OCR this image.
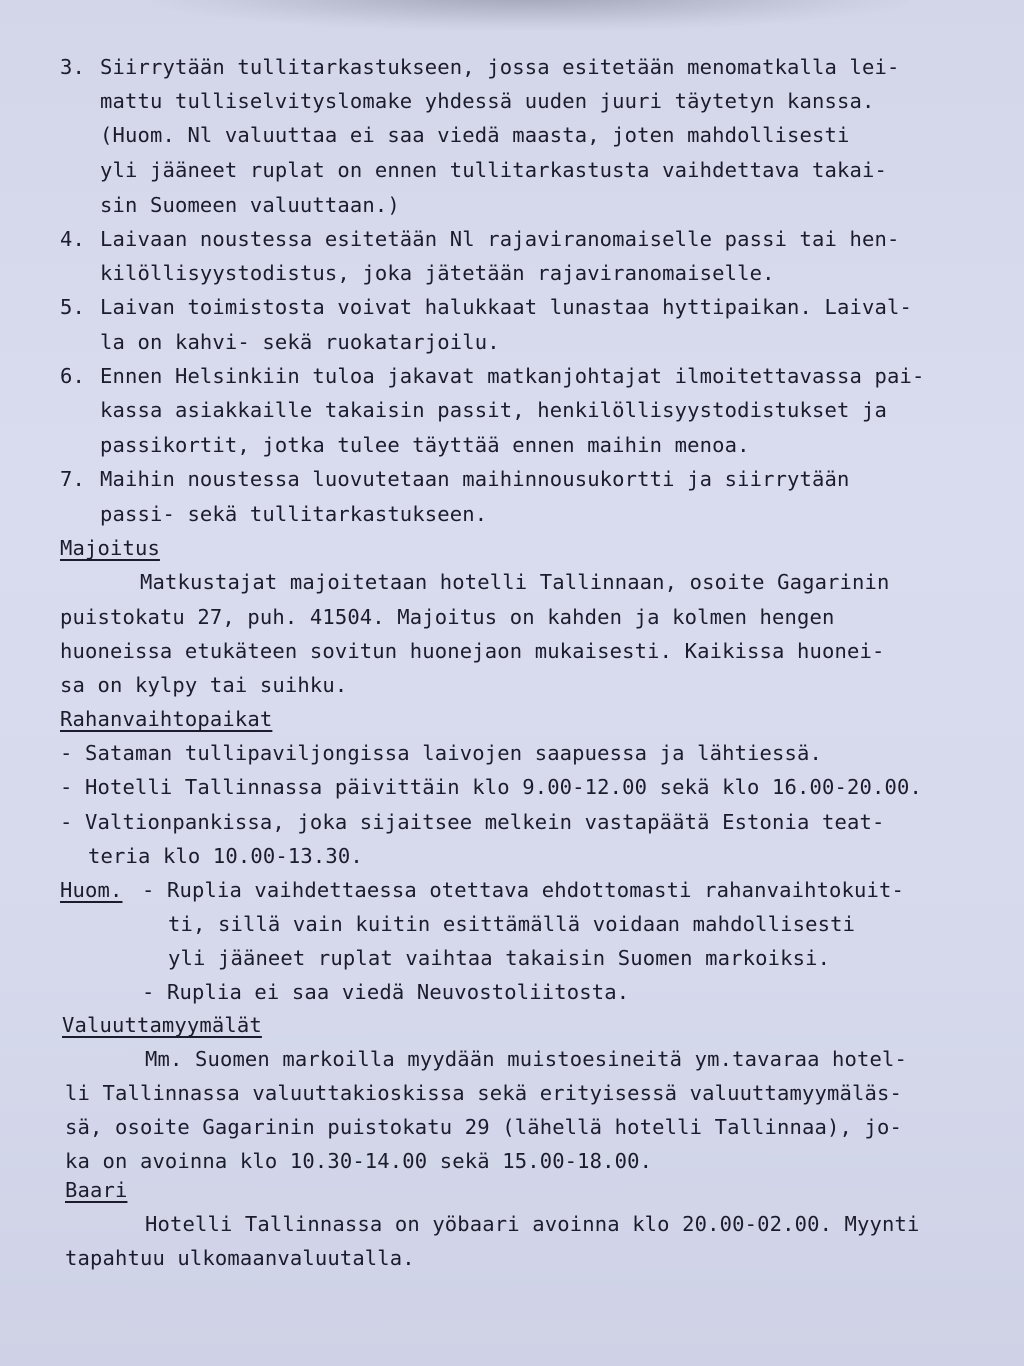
3. Siirrytään tullitarkastukseen, jossa esitetään menomatkalla lei-
mattu tulliselvityslomake yhdessä uuden juuri täytetyn kanssa.
(Huom. Nl valuuttaa ei saa viedä maasta, joten mahdollisesti
yli jääneet ruplat on ennen tullitarkastusta vaihdettava takai-
sin Suomeen valuuttaan.)
4. Laivaan noustessa esitetään Nl rajaviranomaiselle passi tai hen-
kilöllisyystodistus, joka jätetään rajaviranomaiselle.
5. Laivan toimistosta voivat halukkaat lunastaa hyttipaikan. Laival-
la on kahvi- sekä ruokatarjoilu.
6. Ennen Helsinkiin tuloa jakavat matkanjohtajat ilmoitettavassa pai-
kassa asiakkaille takaisin passit, henkilöllisyystodistukset ja
passikortit, jotka tulee täyttää ennen maihin menoa.
7. Maihin noustessa luovutetaan maihinnousukortti ja siirrytään
passi- sekä tullitarkastukseen.
Majoitus
Matkustajat majoitetaan hotelli Tallinnaan, osoite Gagarinin
puistokatu 27, puh. 41504. Majoitus on kahden ja kolmen hengen
huoneissa etukäteen sovitun huonejaon mukaisesti. Kaikissa huonei-
sa on kylpy tai suihku.
Rahanvaihtopaikat
- Sataman tullipaviljongissa laivojen saapuessa ja lähtiessä.
- Hotelli Tallinnassa päivittäin klo 9.00-12.00 sekä klo 16.00-20.00.
- Valtionpankissa, joka sijaitsee melkein vastapäätä Estonia teat-
teria klo 10.00-13.30.
Huom. - Ruplia vaihdettaessa otettava ehdottomasti rahanvaihtokuit-
ti, sillä vain kuitin esittämällä voidaan mahdollisesti
yli jääneet ruplat vaihtaa takaisin Suomen markoiksi.
- Ruplia ei saa viedä Neuvostoliitosta.
Valuuttamyymälät
Mm. Suomen markoilla myydään muistoesineitä ym.tavaraa hotel-
li Tallinnassa valuuttakioskissa sekä erityisessä valuuttamyymäläs-
sä, osoite Gagarinin puistokatu 29 (lähellä hotelli Tallinnaa), jo-
ka on avoinna klo 10.30-14.00 sekä 15.00-18.00.
Baari
Hotelli Tallinnassa on yöbaari avoinna klo 20.00-02.00. Myynti
tapahtuu ulkomaanvaluutalla.
